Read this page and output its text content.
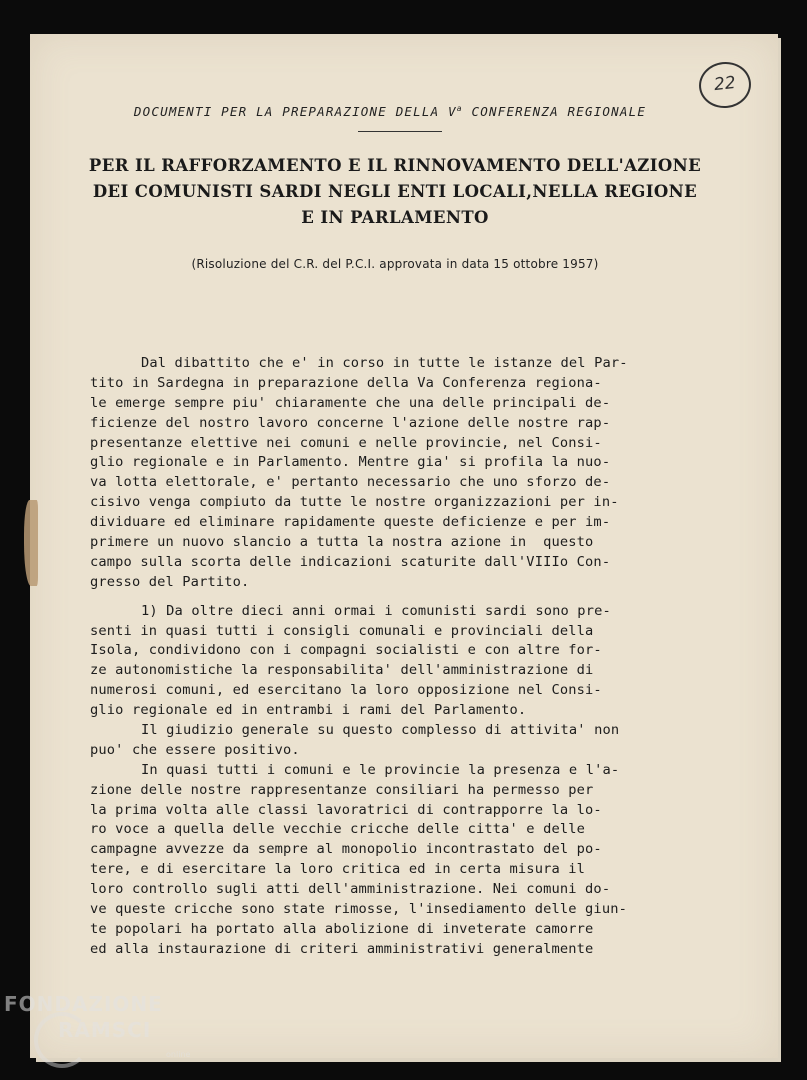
22
DOCUMENTI PER LA PREPARAZIONE DELLA $V^a$ CONFERENZA REGIONALE
PER IL RAFFORZAMENTO E IL RINNOVAMENTO DELL'AZIONE
DEI COMUNISTI SARDI NEGLI ENTI LOCALI,NELLA REGIONE
E IN PARLAMENTO
(Risoluzione del C.R. del P.C.I. approvata in data 15 ottobre 1957)
Dal dibattito che e' in corso in tutte le istanze del Par-
tito in Sardegna in preparazione della Va Conferenza regiona-
le emerge sempre piu' chiaramente che una delle principali de-
ficienze del nostro lavoro concerne l'azione delle nostre rap-
presentanze elettive nei comuni e nelle provincie, nel Consi-
glio regionale e in Parlamento. Mentre gia' si profila la nuo-
va lotta elettorale, e' pertanto necessario che uno sforzo de-
cisivo venga compiuto da tutte le nostre organizzazioni per in-
dividuare ed eliminare rapidamente queste deficienze e per im-
primere un nuovo slancio a tutta la nostra azione in  questo
campo sulla scorta delle indicazioni scaturite dall'VIIIo Con-
gresso del Partito.
1) Da oltre dieci anni ormai i comunisti sardi sono pre-
senti in quasi tutti i consigli comunali e provinciali della
Isola, condividono con i compagni socialisti e con altre for-
ze autonomistiche la responsabilita' dell'amministrazione di
numerosi comuni, ed esercitano la loro opposizione nel Consi-
glio regionale ed in entrambi i rami del Parlamento.
Il giudizio generale su questo complesso di attivita' non
puo' che essere positivo.
In quasi tutti i comuni e le provincie la presenza e l'a-
zione delle nostre rappresentanze consiliari ha permesso per
la prima volta alle classi lavoratrici di contrapporre la lo-
ro voce a quella delle vecchie cricche delle citta' e delle
campagne avvezze da sempre al monopolio incontrastato del po-
tere, e di esercitare la loro critica ed in certa misura il
loro controllo sugli atti dell'amministrazione. Nei comuni do-
ve queste cricche sono state rimosse, l'insediamento delle giun-
te popolari ha portato alla abolizione di inveterate camorre
ed alla instaurazione di criteri amministrativi generalmente
FONDAZIONE
RAMSCI
online
